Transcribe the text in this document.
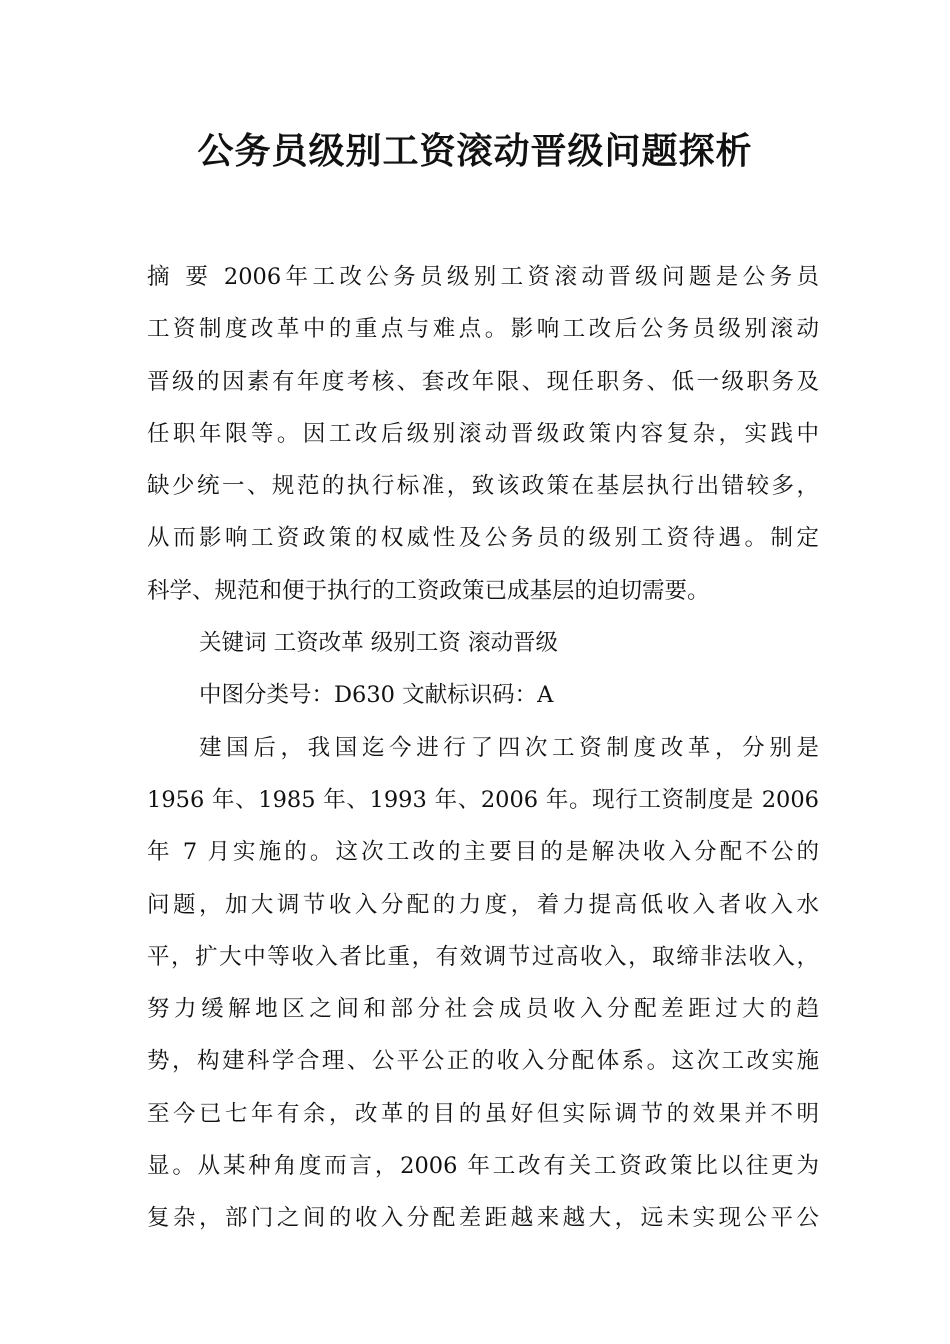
公务员级别工资滚动晋级问题探析
摘 要 2006年工改公务员级别工资滚动晋级问题是公务员
工资制度改革中的重点与难点。影响工改后公务员级别滚动
晋级的因素有年度考核、套改年限、现任职务、低一级职务及
任职年限等。因工改后级别滚动晋级政策内容复杂，实践中
缺少统一、规范的执行标准，致该政策在基层执行出错较多，
从而影响工资政策的权威性及公务员的级别工资待遇。制定
科学、规范和便于执行的工资政策已成基层的迫切需要。
关键词 工资改革 级别工资 滚动晋级
中图分类号：D630 文献标识码：A
建国后，我国迄今进行了四次工资制度改革，分别是
1956 年、1985 年、1993 年、2006 年。现行工资制度是 2006
年 7 月实施的。这次工改的主要目的是解决收入分配不公的
问题，加大调节收入分配的力度，着力提高低收入者收入水
平，扩大中等收入者比重，有效调节过高收入，取缔非法收入，
努力缓解地区之间和部分社会成员收入分配差距过大的趋
势，构建科学合理、公平公正的收入分配体系。这次工改实施
至今已七年有余，改革的目的虽好但实际调节的效果并不明
显。从某种角度而言，2006 年工改有关工资政策比以往更为
复杂，部门之间的收入分配差距越来越大，远未实现公平公
